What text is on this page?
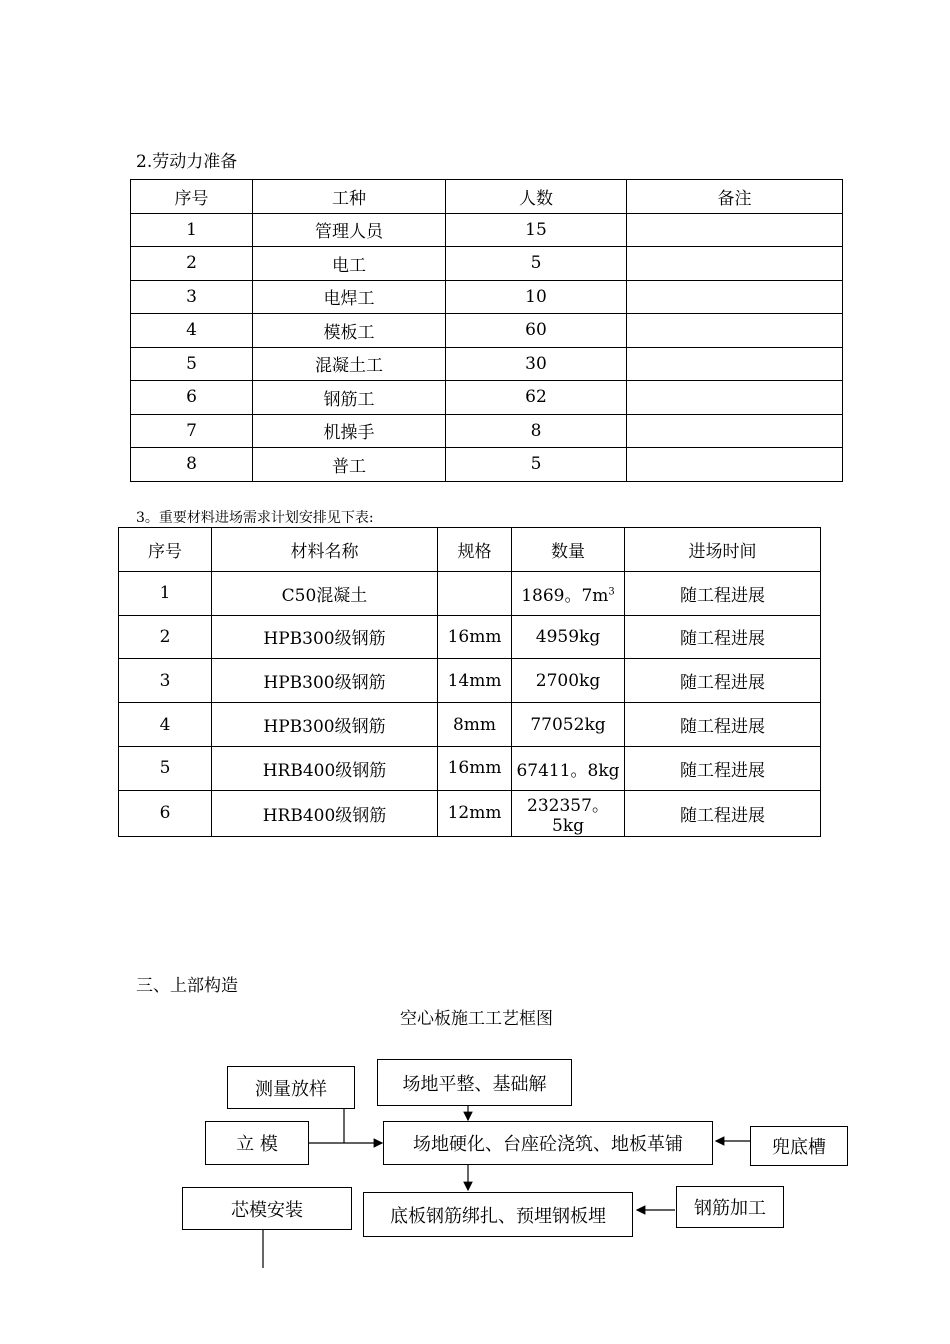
2.劳动力准备
序号	工种	人数	备注
1	管理人员	15	
2	电工	5	
3	电焊工	10	
4	模板工	60	
5	混凝土工	30	
6	钢筋工	62	
7	机操手	8	
8	普工	5	
3。重要材料进场需求计划安排见下表:
序号	材料名称	规格	数量	进场时间
1	C50混凝土		1869。$7m^3$	随工程进展
2	HPB300级钢筋	16mm	4959kg	随工程进展
3	HPB300级钢筋	14mm	2700kg	随工程进展
4	HPB300级钢筋	8mm	77052kg	随工程进展
5	HRB400级钢筋	16mm	67411。8kg	随工程进展
6	HRB400级钢筋	12mm	232357。5kg	随工程进展
三、上部构造
空心板施工工艺框图
测量放样	场地平整、基础解
立 模	场地硬化、台座砼浇筑、地板革铺	兜底槽
芯模安装	底板钢筋绑扎、预埋钢板埋	钢筋加工
